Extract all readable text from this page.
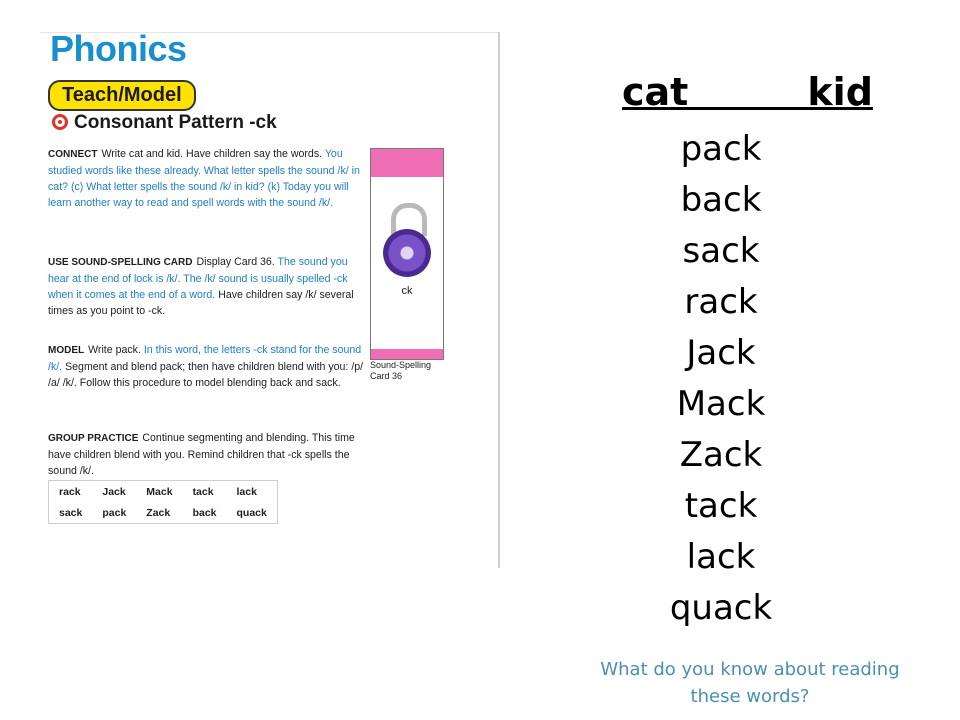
Phonics
Teach/Model
Consonant Pattern -ck
CONNECT Write cat and kid. Have children say the words. You studied words like these already. What letter spells the sound /k/ in cat? (c) What letter spells the sound /k/ in kid? (k) Today you will learn another way to read and spell words with the sound /k/.
USE SOUND-SPELLING CARD Display Card 36. The sound you hear at the end of lock is /k/. The /k/ sound is usually spelled -ck when it comes at the end of a word. Have children say /k/ several times as you point to -ck.
MODEL Write pack. In this word, the letters -ck stand for the sound /k/. Segment and blend pack; then have children blend with you: /p/ /a/ /k/. Follow this procedure to model blending back and sack.
GROUP PRACTICE Continue segmenting and blending. This time have children blend with you. Remind children that -ck spells the sound /k/.
ck
Sound-Spelling Card 36
rack	Jack	Mack	tack	lack
sack	pack	Zack	back	quack
cat         kid
pack
back
sack
rack
Jack
Mack
Zack
tack
lack
quack
What do you know about reading these words?
